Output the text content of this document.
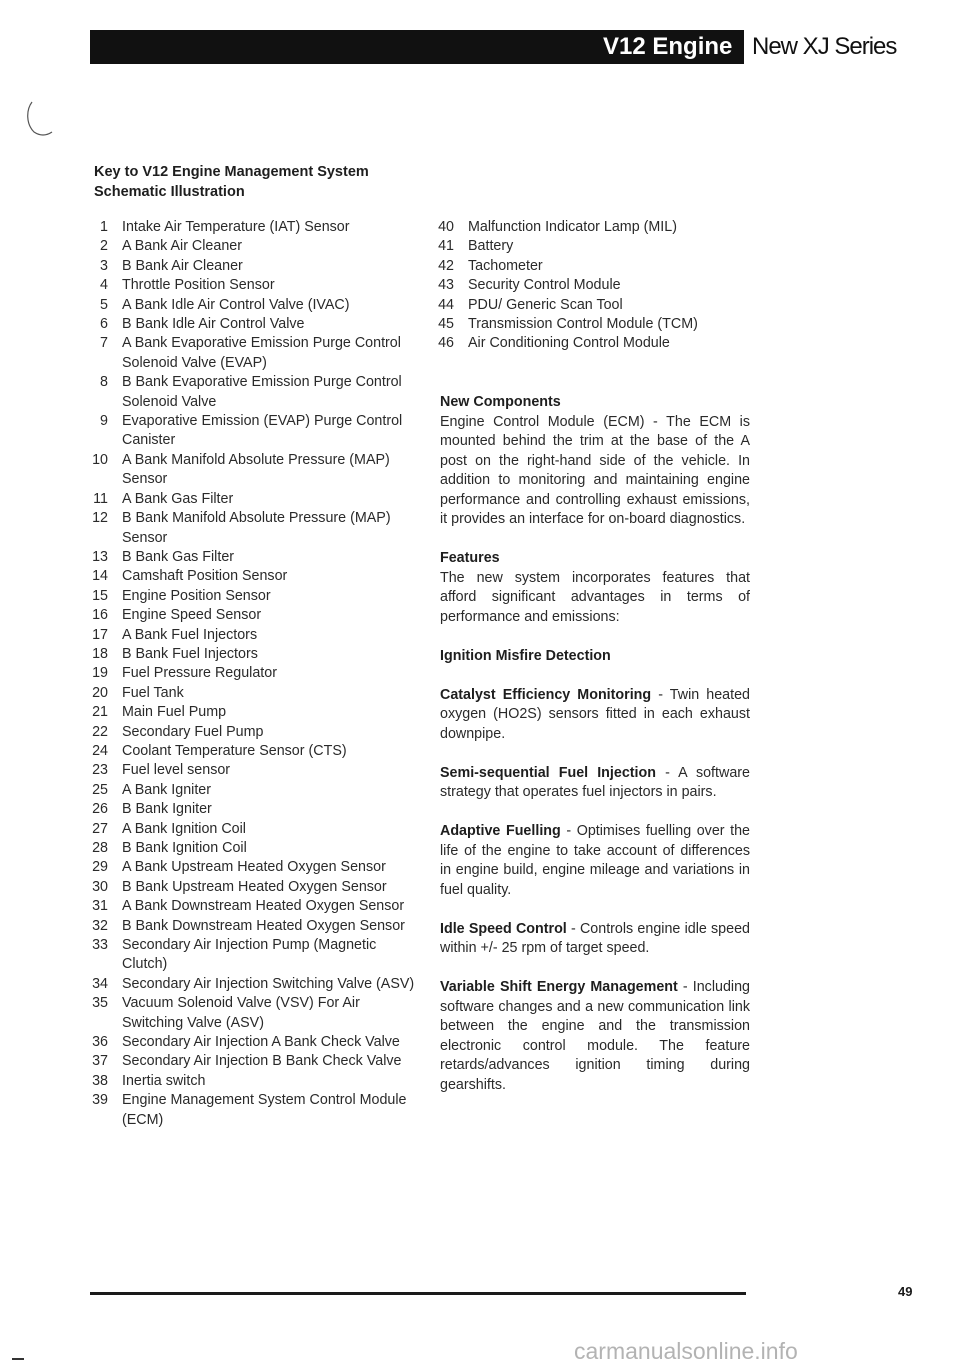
V12 Engine New XJ Series
Key to V12 Engine Management System
Schematic Illustration
1 Intake Air Temperature (IAT) Sensor
2 A Bank Air Cleaner
3 B Bank Air Cleaner
4 Throttle Position Sensor
5 A Bank Idle Air Control Valve (IVAC)
6 B Bank Idle Air Control Valve
7 A Bank Evaporative Emission Purge Control Solenoid Valve (EVAP)
8 B Bank Evaporative Emission Purge Control Solenoid Valve
9 Evaporative Emission (EVAP) Purge Control Canister
10 A Bank Manifold Absolute Pressure (MAP) Sensor
11 A Bank Gas Filter
12 B Bank Manifold Absolute Pressure (MAP) Sensor
13 B Bank Gas Filter
14 Camshaft Position Sensor
15 Engine Position Sensor
16 Engine Speed Sensor
17 A Bank Fuel Injectors
18 B Bank Fuel Injectors
19 Fuel Pressure Regulator
20 Fuel Tank
21 Main Fuel Pump
22 Secondary Fuel Pump
24 Coolant Temperature Sensor (CTS)
23 Fuel level sensor
25 A Bank Igniter
26 B Bank Igniter
27 A Bank Ignition Coil
28 B Bank Ignition Coil
29 A Bank Upstream Heated Oxygen Sensor
30 B Bank Upstream Heated Oxygen Sensor
31 A Bank Downstream Heated Oxygen Sensor
32 B Bank Downstream Heated Oxygen Sensor
33 Secondary Air Injection Pump (Magnetic Clutch)
34 Secondary Air Injection Switching Valve (ASV)
35 Vacuum Solenoid Valve (VSV) For Air Switching Valve (ASV)
36 Secondary Air Injection A Bank Check Valve
37 Secondary Air Injection B Bank Check Valve
38 Inertia switch
39 Engine Management System Control Module (ECM)
40 Malfunction Indicator Lamp (MIL)
41 Battery
42 Tachometer
43 Security Control Module
44 PDU/ Generic Scan Tool
45 Transmission Control Module (TCM)
46 Air Conditioning Control Module
New Components
Engine Control Module (ECM) - The ECM is mounted behind the trim at the base of the A post on the right-hand side of the vehicle. In addition to monitoring and maintaining engine performance and controlling exhaust emissions, it provides an interface for on-board diagnostics.
Features
The new system incorporates features that afford significant advantages in terms of performance and emissions:
Ignition Misfire Detection
Catalyst Efficiency Monitoring - Twin heated oxygen (HO2S) sensors fitted in each exhaust downpipe.
Semi-sequential Fuel Injection - A software strategy that operates fuel injectors in pairs.
Adaptive Fuelling - Optimises fuelling over the life of the engine to take account of differences in engine build, engine mileage and variations in fuel quality.
Idle Speed Control - Controls engine idle speed within +/- 25 rpm of target speed.
Variable Shift Energy Management - Including software changes and a new communication link between the engine and the transmission electronic control module. The feature retards/advances ignition timing during gearshifts.
49
carmanualsonline.info
